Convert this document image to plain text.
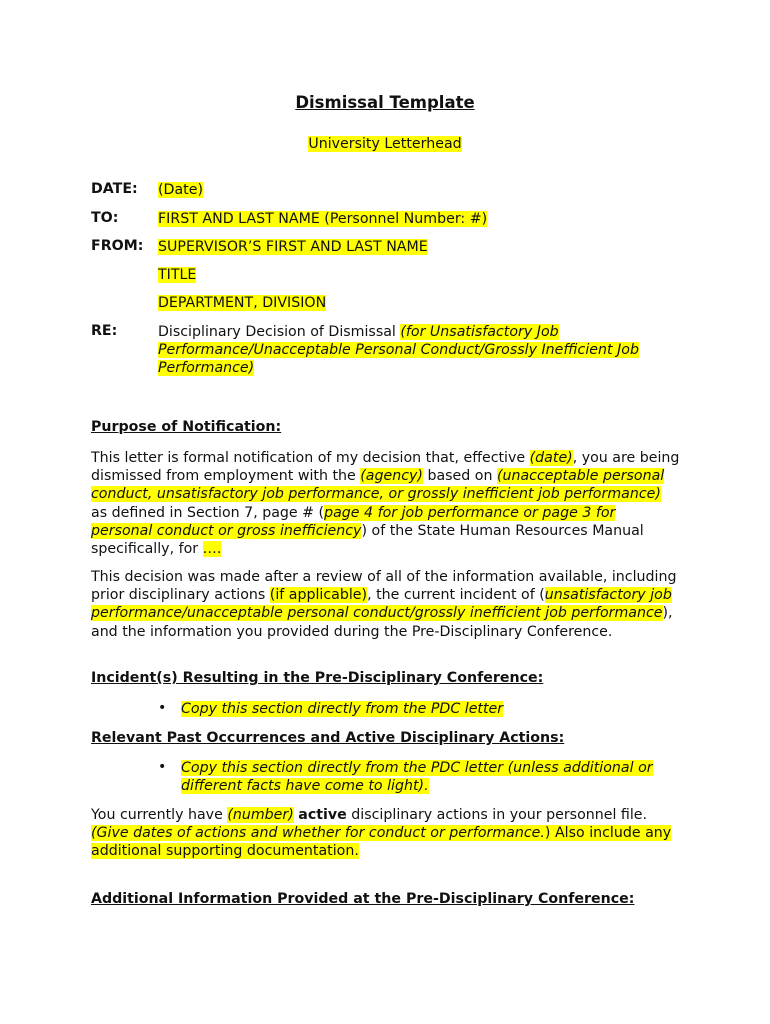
Dismissal Template
University Letterhead
DATE: (Date)
TO:	FIRST AND LAST NAME (Personnel Number: #)
FROM: SUPERVISOR’S FIRST AND LAST NAME
TITLE
DEPARTMENT, DIVISION
RE:	Disciplinary Decision of Dismissal (for Unsatisfactory Job Performance/Unacceptable Personal Conduct/Grossly Inefficient Job Performance)
Purpose of Notification:
This letter is formal notification of my decision that, effective (date), you are being dismissed from employment with the (agency) based on (unacceptable personal conduct, unsatisfactory job performance, or grossly inefficient job performance) as defined in Section 7, page # (page 4 for job performance or page 3 for personal conduct or gross inefficiency) of the State Human Resources Manual specifically, for ….
This decision was made after a review of all of the information available, including prior disciplinary actions (if applicable), the current incident of (unsatisfactory job performance/unacceptable personal conduct/grossly inefficient job performance), and the information you provided during the Pre-Disciplinary Conference.
Incident(s) Resulting in the Pre-Disciplinary Conference:
•	Copy this section directly from the PDC letter
Relevant Past Occurrences and Active Disciplinary Actions:
•	Copy this section directly from the PDC letter (unless additional or different facts have come to light).
You currently have (number) active disciplinary actions in your personnel file. (Give dates of actions and whether for conduct or performance.) Also include any additional supporting documentation.
Additional Information Provided at the Pre-Disciplinary Conference:
